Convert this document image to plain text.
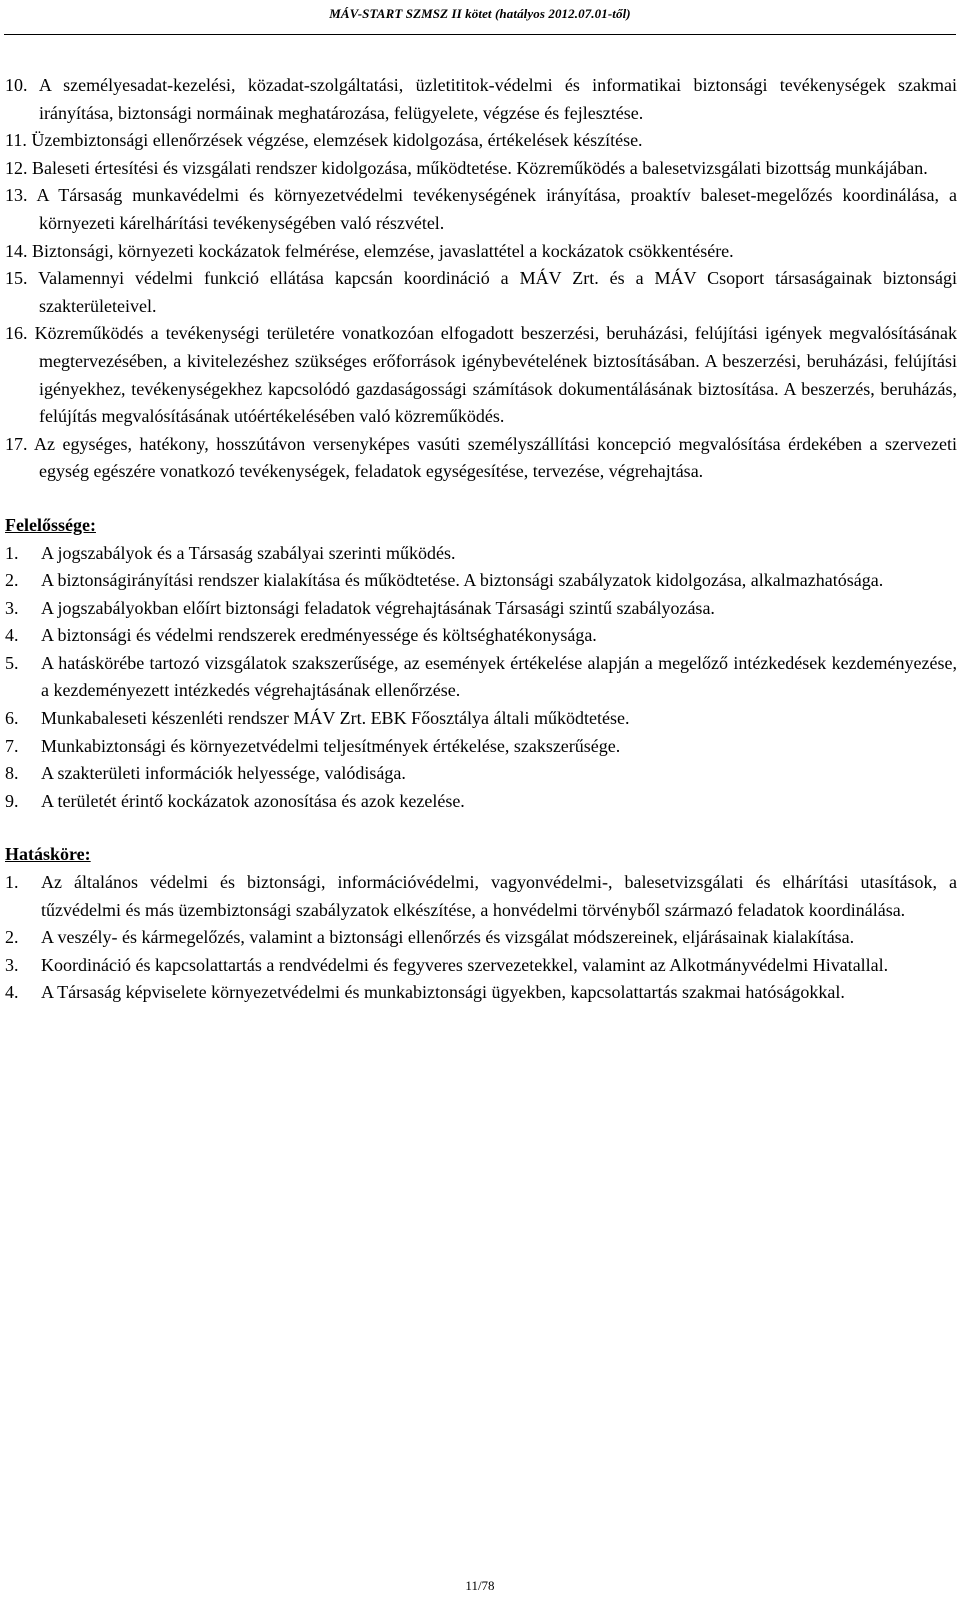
MÁV-START SZMSZ II kötet (hatályos 2012.07.01-től)
10. A személyesadat-kezelési, közadat-szolgáltatási, üzletititok-védelmi és informatikai biztonsági tevékenységek szakmai irányítása, biztonsági normáinak meghatározása, felügyelete, végzése és fejlesztése.
11. Üzembiztonsági ellenőrzések végzése, elemzések kidolgozása, értékelések készítése.
12. Baleseti értesítési és vizsgálati rendszer kidolgozása, működtetése. Közreműködés a balesetvizsgálati bizottság munkájában.
13. A Társaság munkavédelmi és környezetvédelmi tevékenységének irányítása, proaktív baleset-megelőzés koordinálása, a környezeti kárelhárítási tevékenységében való részvétel.
14. Biztonsági, környezeti kockázatok felmérése, elemzése, javaslattétel a kockázatok csökkentésére.
15. Valamennyi védelmi funkció ellátása kapcsán koordináció a MÁV Zrt. és a MÁV Csoport társaságainak biztonsági szakterületeivel.
16. Közreműködés a tevékenységi területére vonatkozóan elfogadott beszerzési, beruházási, felújítási igények megvalósításának megtervezésében, a kivitelezéshez szükséges erőforrások igénybevételének biztosításában. A beszerzési, beruházási, felújítási igényekhez, tevékenységekhez kapcsolódó gazdaságossági számítások dokumentálásának biztosítása. A beszerzés, beruházás, felújítás megvalósításának utóértékelésében való közreműködés.
17. Az egységes, hatékony, hosszútávon versenyképes vasúti személyszállítási koncepció megvalósítása érdekében a szervezeti egység egészére vonatkozó tevékenységek, feladatok egységesítése, tervezése, végrehajtása.
Felelőssége:
1.	A jogszabályok és a Társaság szabályai szerinti működés.
2.	A biztonságirányítási rendszer kialakítása és működtetése. A biztonsági szabályzatok kidolgozása, alkalmazhatósága.
3.	A jogszabályokban előírt biztonsági feladatok végrehajtásának Társasági szintű szabályozása.
4.	A biztonsági és védelmi rendszerek eredményessége és költséghatékonysága.
5.	A hatáskörébe tartozó vizsgálatok szakszerűsége, az események értékelése alapján a megelőző intézkedések kezdeményezése, a kezdeményezett intézkedés végrehajtásának ellenőrzése.
6.	Munkabaleseti készenléti rendszer MÁV Zrt. EBK Főosztálya általi működtetése.
7.	Munkabiztonsági és környezetvédelmi teljesítmények értékelése, szakszerűsége.
8.	A szakterületi információk helyessége, valódisága.
9.	A területét érintő kockázatok azonosítása és azok kezelése.
Hatásköre:
1.	Az általános védelmi és biztonsági, információvédelmi, vagyonvédelmi-, balesetvizsgálati és elhárítási utasítások, a tűzvédelmi és más üzembiztonsági szabályzatok elkészítése, a honvédelmi törvényből származó feladatok koordinálása.
2.	A veszély- és kármegelőzés, valamint a biztonsági ellenőrzés és vizsgálat módszereinek, eljárásainak kialakítása.
3.	Koordináció és kapcsolattartás a rendvédelmi és fegyveres szervezetekkel, valamint az Alkotmányvédelmi Hivatallal.
4.	A Társaság képviselete környezetvédelmi és munkabiztonsági ügyekben, kapcsolattartás szakmai hatóságokkal.
11/78
